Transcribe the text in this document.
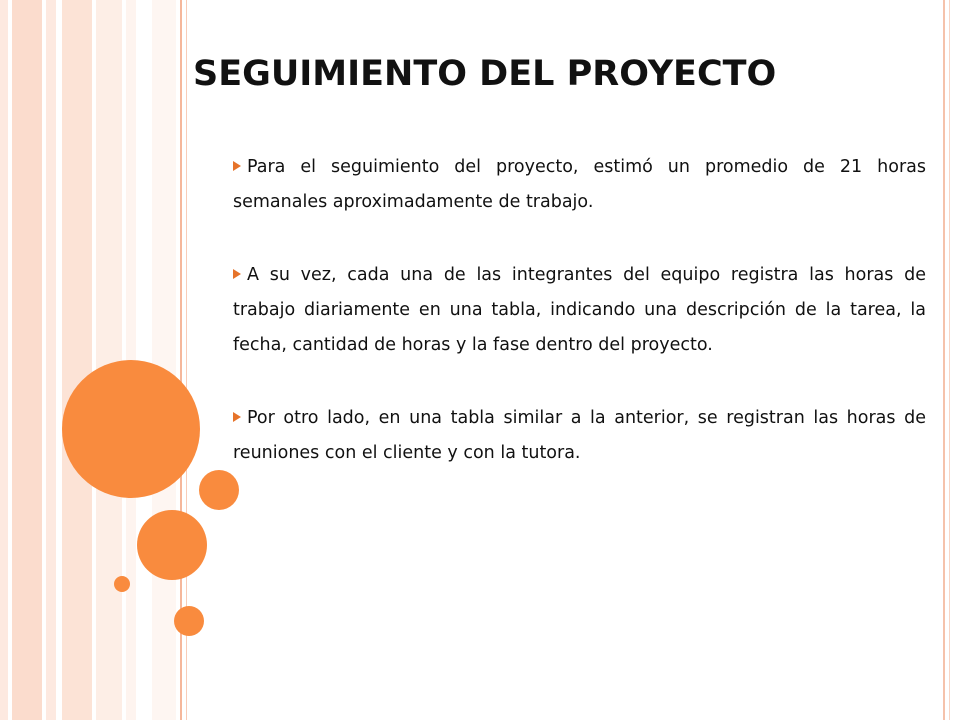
SEGUIMIENTO DEL PROYECTO

Para el seguimiento del proyecto, estimó un promedio de 21 horas semanales aproximadamente de trabajo.

A su vez, cada una de las integrantes del equipo registra las horas de trabajo diariamente en una tabla, indicando una descripción de la tarea, la fecha, cantidad de horas y la fase dentro del proyecto.

Por otro lado, en una tabla similar a la anterior, se registran las horas de reuniones con el cliente y con la tutora.
